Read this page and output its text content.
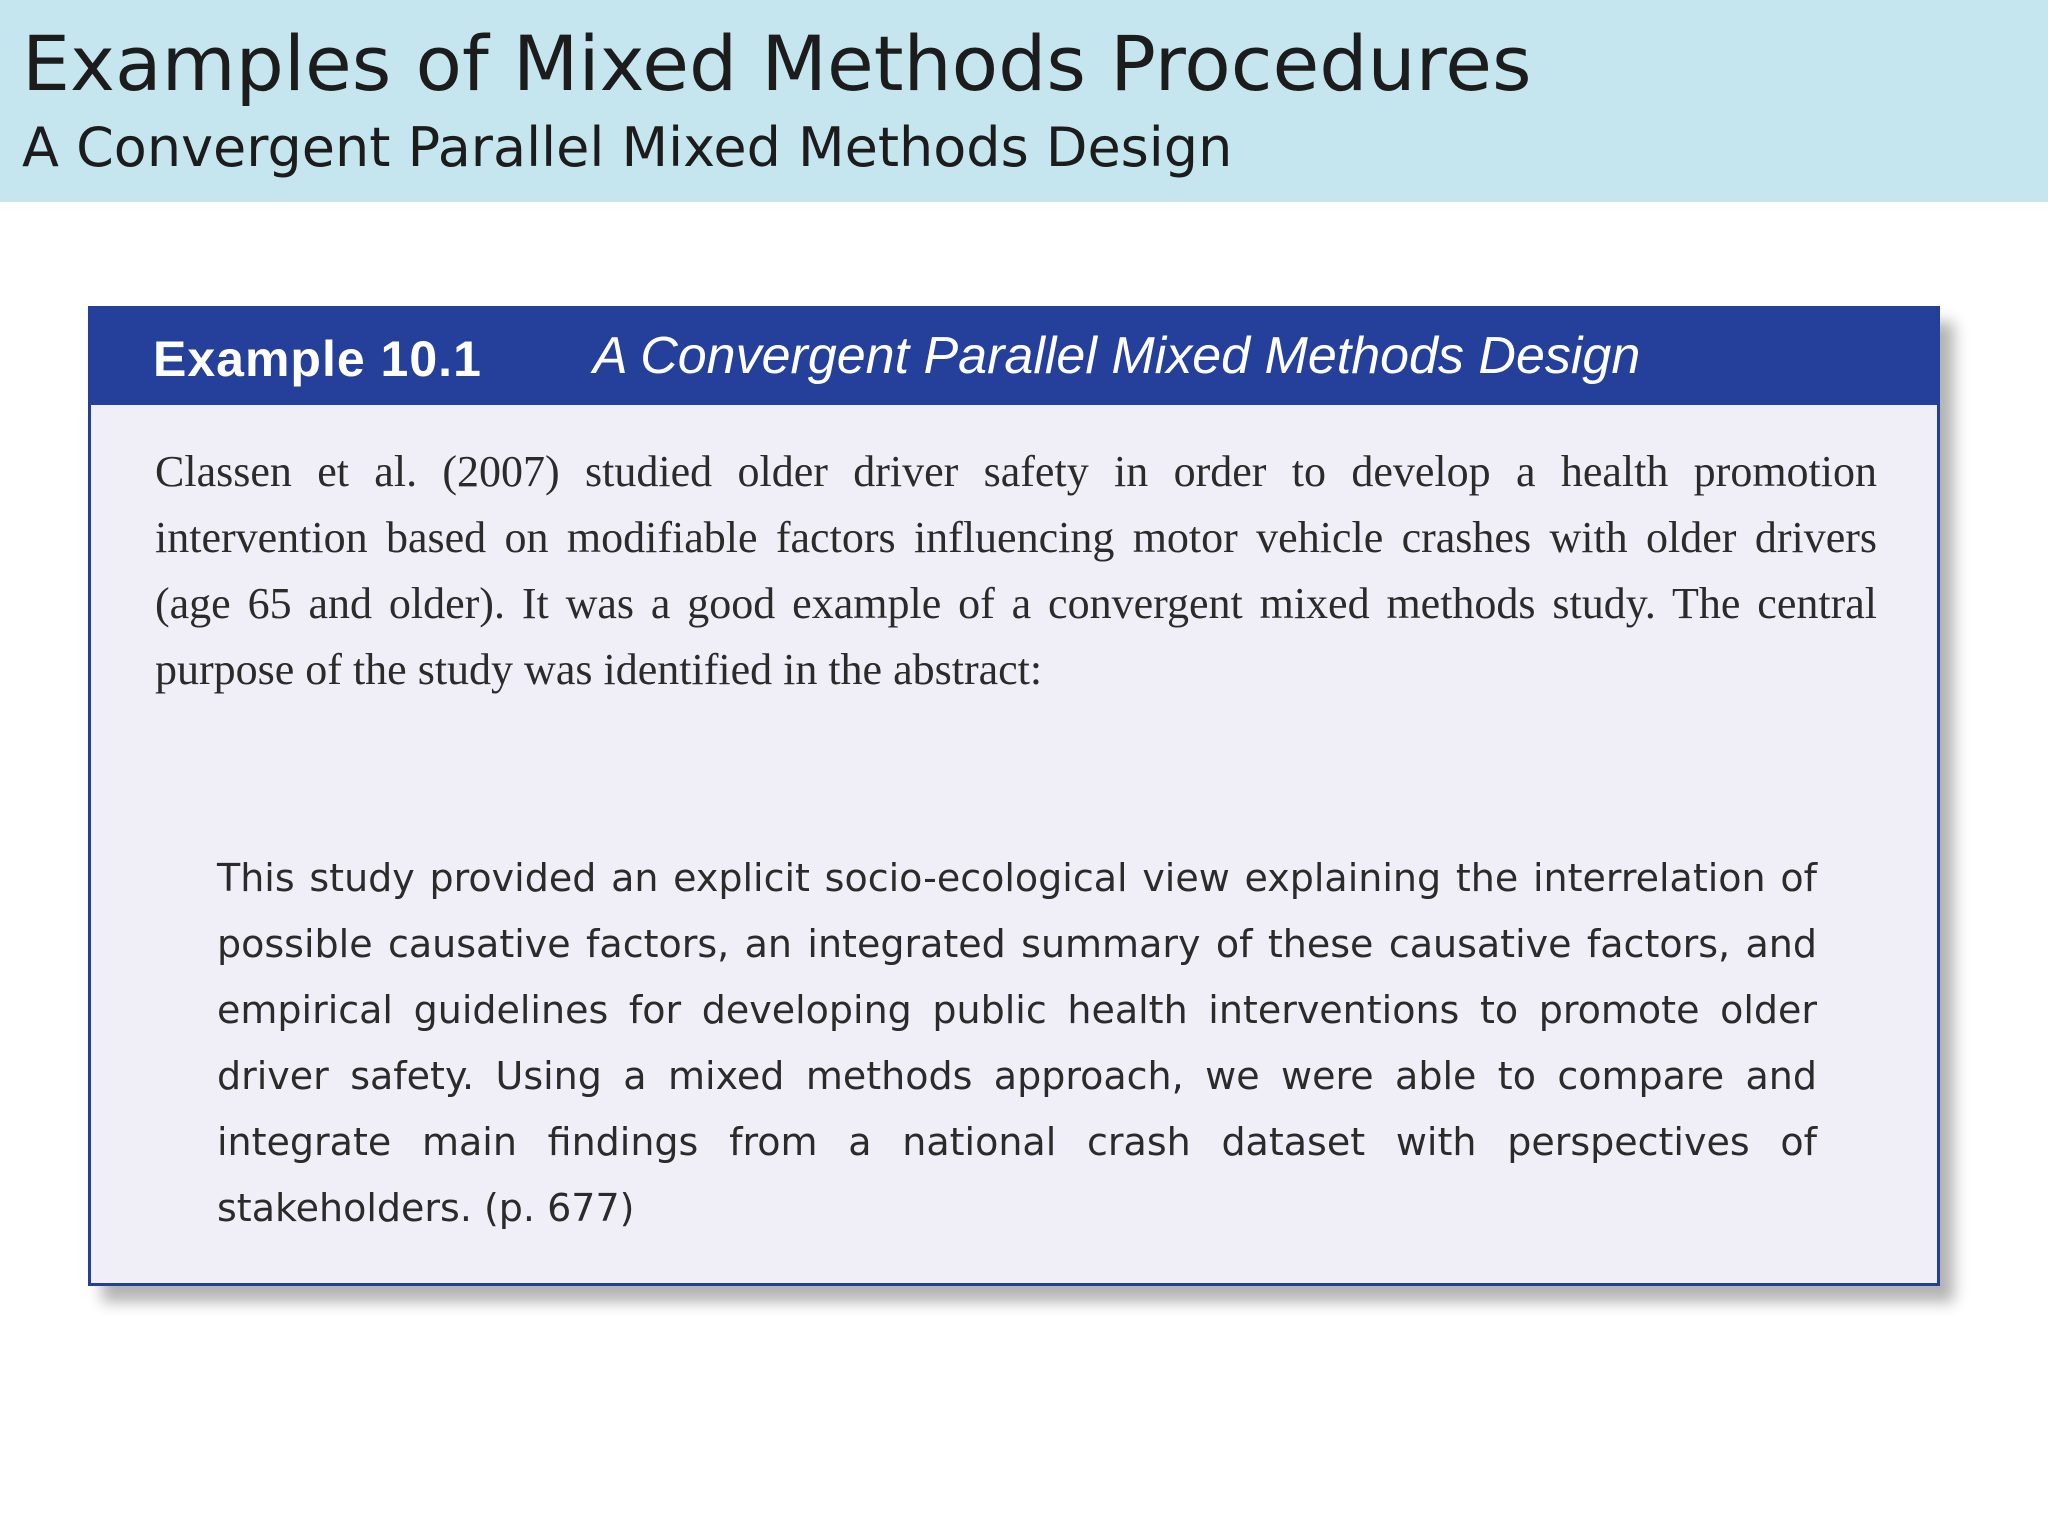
Examples of Mixed Methods Procedures
A Convergent Parallel Mixed Methods Design
Example 10.1 A Convergent Parallel Mixed Methods Design

Classen et al. (2007) studied older driver safety in order to develop a health promotion intervention based on modifiable factors influencing motor vehicle crashes with older drivers (age 65 and older). It was a good example of a convergent mixed methods study. The central purpose of the study was identified in the abstract:

This study provided an explicit socio-ecological view explaining the interrelation of possible causative factors, an integrated summary of these causative factors, and empirical guidelines for developing public health interventions to promote older driver safety. Using a mixed methods approach, we were able to compare and integrate main findings from a national crash dataset with perspectives of stakeholders. (p. 677)
